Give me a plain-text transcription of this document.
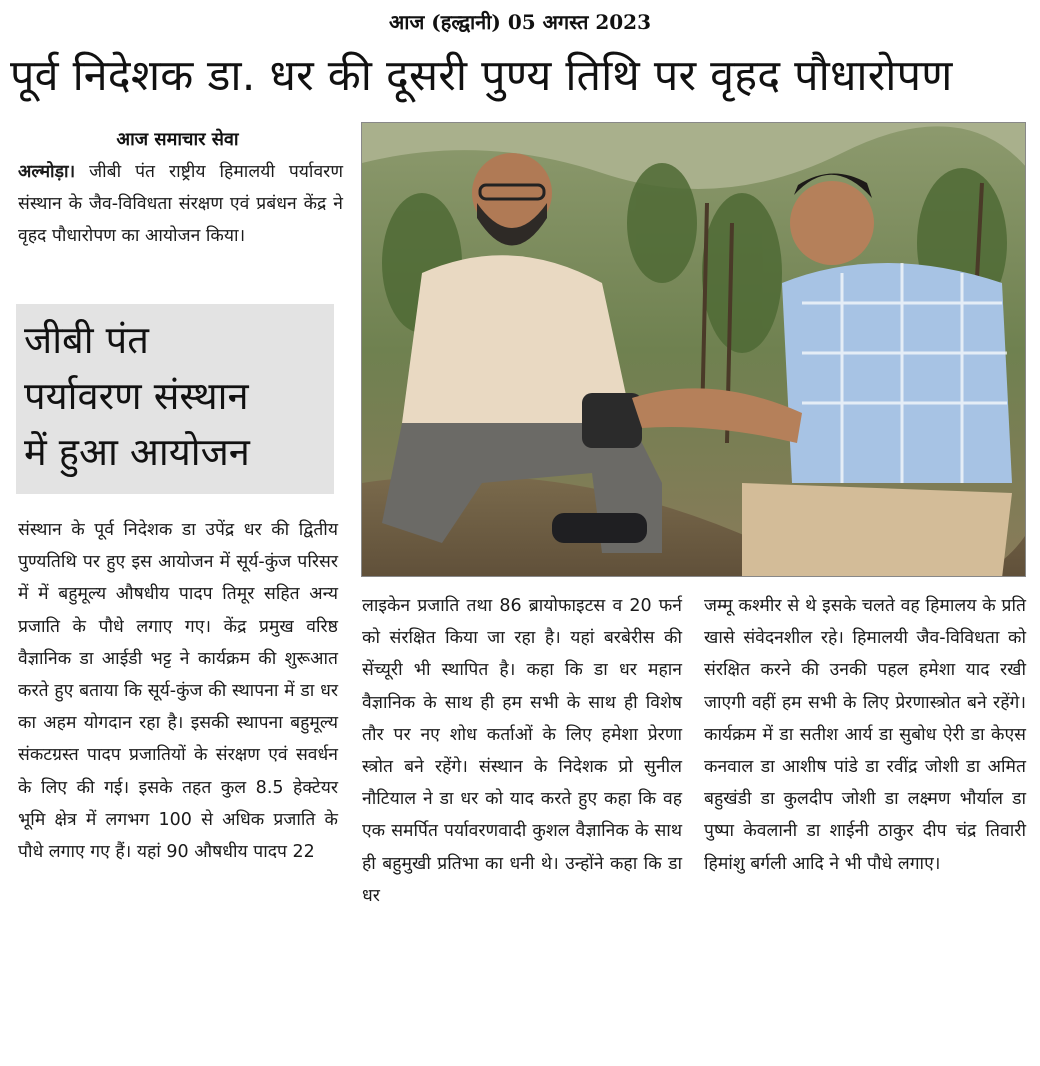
आज (हल्द्वानी) 05 अगस्त 2023
पूर्व निदेशक डा. धर की दूसरी पुण्य तिथि पर वृहद पौधारोपण
आज समाचार सेवा
अल्मोड़ा। जीबी पंत राष्ट्रीय हिमालयी पर्यावरण संस्थान के जैव-विविधता संरक्षण एवं प्रबंधन केंद्र ने वृहद पौधारोपण का आयोजन किया।
जीबी पंत
पर्यावरण संस्थान
में हुआ आयोजन
संस्थान के पूर्व निदेशक डा उपेंद्र धर की द्वितीय पुण्यतिथि पर हुए इस आयोजन में सूर्य-कुंज परिसर में में बहुमूल्य औषधीय पादप तिमूर सहित अन्य प्रजाति के पौधे लगाए गए। केंद्र प्रमुख वरिष्ठ वैज्ञानिक डा आईडी भट्ट ने कार्यक्रम की शुरूआत करते हुए बताया कि सूर्य-कुंज की स्थापना में डा धर का अहम योगदान रहा है। इसकी स्थापना बहुमूल्य संकटग्रस्त पादप प्रजातियों के संरक्षण एवं सवर्धन के लिए की गई। इसके तहत कुल 8.5 हेक्टेयर भूमि क्षेत्र में लगभग 100 से अधिक प्रजाति के पौधे लगाए गए हैं। यहां 90 औषधीय पादप 22
लाइकेन प्रजाति तथा 86 ब्रायोफाइटस व 20 फर्न को संरक्षित किया जा रहा है। यहां बरबेरीस की सेंच्यूरी भी स्थापित है। कहा कि डा धर महान वैज्ञानिक के साथ ही हम सभी के साथ ही विशेष तौर पर नए शोध कर्ताओं के लिए हमेशा प्रेरणा स्त्रोत बने रहेंगे। संस्थान के निदेशक प्रो सुनील नौटियाल ने डा धर को याद करते हुए कहा कि वह एक समर्पित पर्यावरणवादी कुशल वैज्ञानिक के साथ ही बहुमुखी प्रतिभा का धनी थे। उन्होंने कहा कि डा धर
जम्मू कश्मीर से थे इसके चलते वह हिमालय के प्रति खासे संवेदनशील रहे। हिमालयी जैव-विविधता को संरक्षित करने की उनकी पहल हमेशा याद रखी जाएगी वहीं हम सभी के लिए प्रेरणास्त्रोत बने रहेंगे। कार्यक्रम में डा सतीश आर्य डा सुबोध ऐरी डा केएस कनवाल डा आशीष पांडे डा रवींद्र जोशी डा अमित बहुखंडी डा कुलदीप जोशी डा लक्ष्मण भौर्याल डा पुष्पा केवलानी डा शाईनी ठाकुर दीप चंद्र तिवारी हिमांशु बर्गली आदि ने भी पौधे लगाए।
